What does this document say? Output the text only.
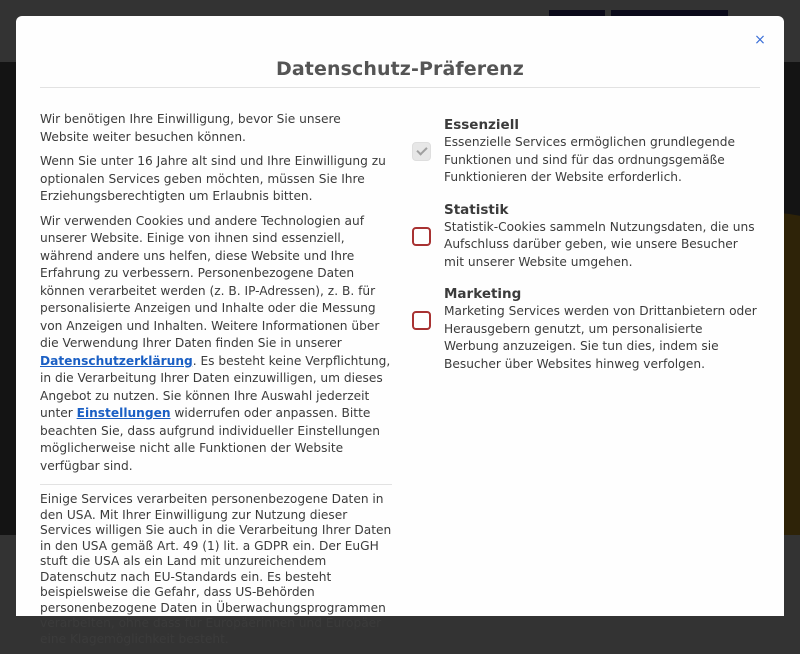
Datenschutz-Präferenz
×

Wir benötigen Ihre Einwilligung, bevor Sie unsere Website weiter besuchen können.

Wenn Sie unter 16 Jahre alt sind und Ihre Einwilligung zu optionalen Services geben möchten, müssen Sie Ihre Erziehungsberechtigten um Erlaubnis bitten.

Wir verwenden Cookies und andere Technologien auf unserer Website. Einige von ihnen sind essenziell, während andere uns helfen, diese Website und Ihre Erfahrung zu verbessern. Personenbezogene Daten können verarbeitet werden (z. B. IP-Adressen), z. B. für personalisierte Anzeigen und Inhalte oder die Messung von Anzeigen und Inhalten. Weitere Informationen über die Verwendung Ihrer Daten finden Sie in unserer Datenschutzerklärung. Es besteht keine Verpflichtung, in die Verarbeitung Ihrer Daten einzuwilligen, um dieses Angebot zu nutzen. Sie können Ihre Auswahl jederzeit unter Einstellungen widerrufen oder anpassen. Bitte beachten Sie, dass aufgrund individueller Einstellungen möglicherweise nicht alle Funktionen der Website verfügbar sind.

Einige Services verarbeiten personenbezogene Daten in den USA. Mit Ihrer Einwilligung zur Nutzung dieser Services willigen Sie auch in die Verarbeitung Ihrer Daten in den USA gemäß Art. 49 (1) lit. a GDPR ein. Der EuGH stuft die USA als ein Land mit unzureichendem Datenschutz nach EU-Standards ein. Es besteht beispielsweise die Gefahr, dass US-Behörden personenbezogene Daten in Überwachungsprogrammen verarbeiten, ohne dass für Europäerinnen und Europäer eine Klagemöglichkeit besteht.

Essenziell
Essenzielle Services ermöglichen grundlegende Funktionen und sind für das ordnungsgemäße Funktionieren der Website erforderlich.
Statistik
Statistik-Cookies sammeln Nutzungsdaten, die uns Aufschluss darüber geben, wie unsere Besucher mit unserer Website umgehen.
Marketing
Marketing Services werden von Drittanbietern oder Herausgebern genutzt, um personalisierte Werbung anzuzeigen. Sie tun dies, indem sie Besucher über Websites hinweg verfolgen.
